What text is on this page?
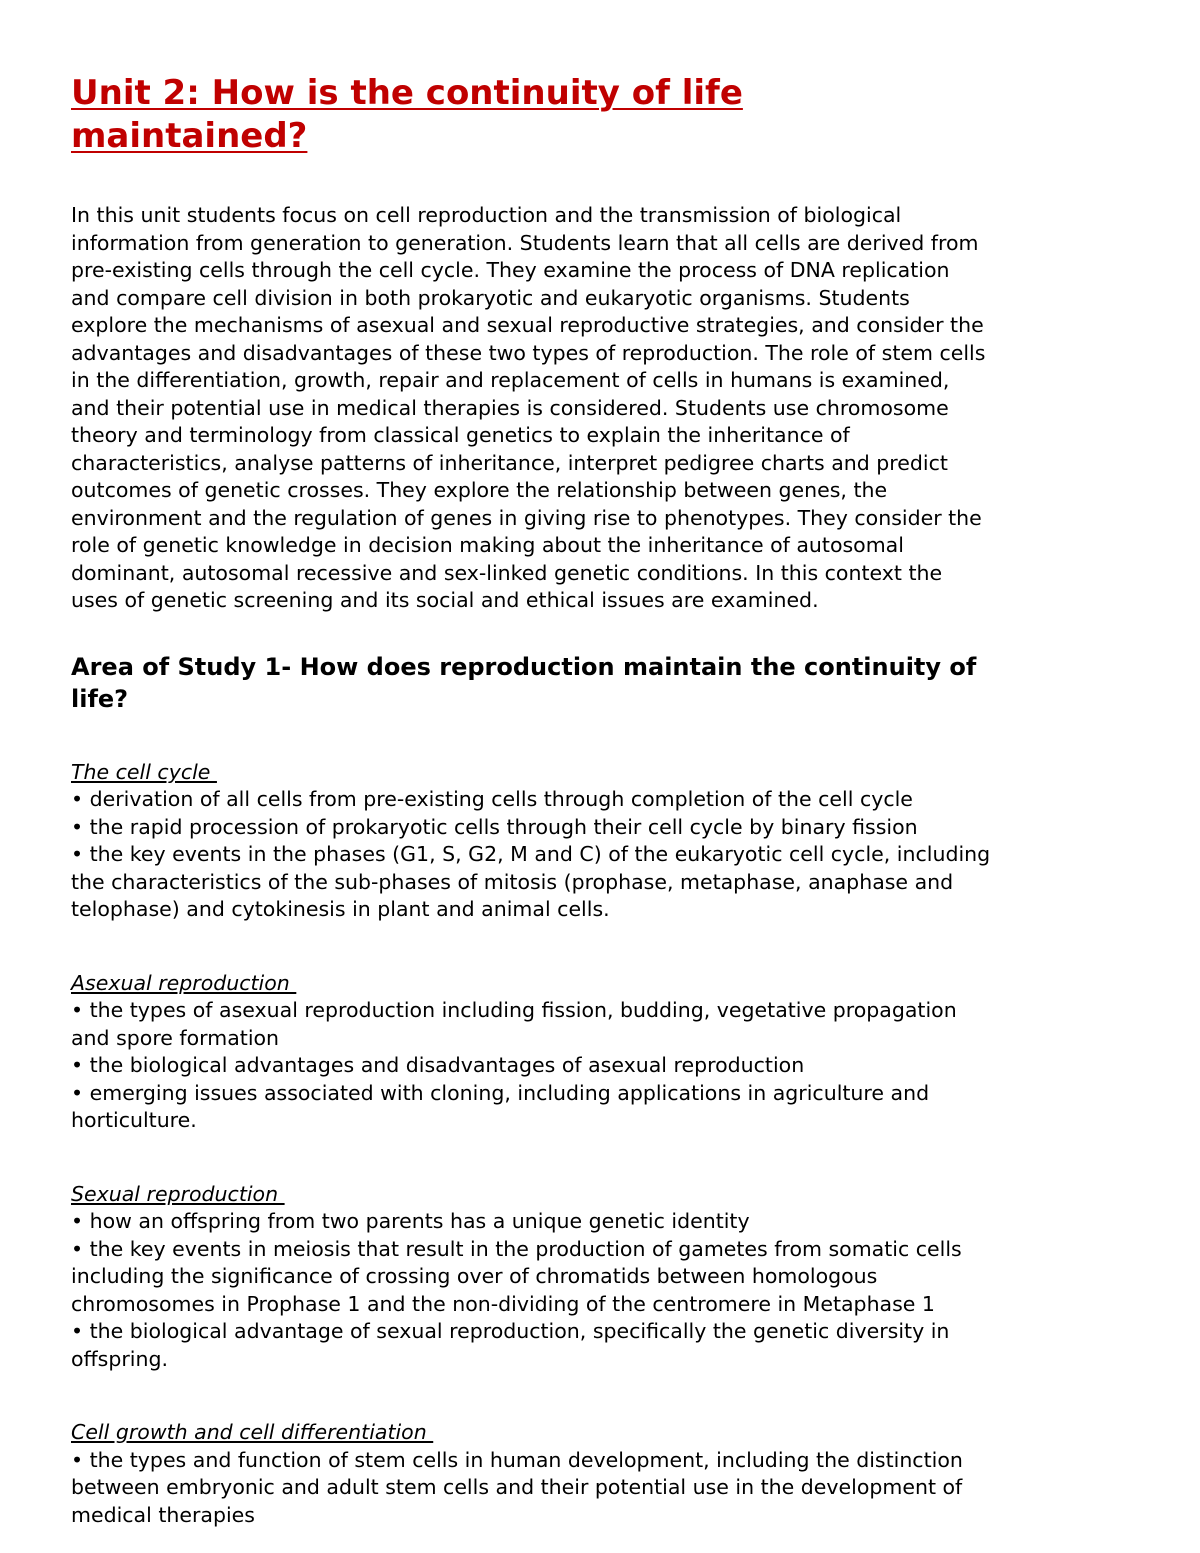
Unit 2: How is the continuity of life maintained?

In this unit students focus on cell reproduction and the transmission of biological
information from generation to generation. Students learn that all cells are derived from
pre-existing cells through the cell cycle. They examine the process of DNA replication
and compare cell division in both prokaryotic and eukaryotic organisms. Students
explore the mechanisms of asexual and sexual reproductive strategies, and consider the
advantages and disadvantages of these two types of reproduction. The role of stem cells
in the differentiation, growth, repair and replacement of cells in humans is examined,
and their potential use in medical therapies is considered. Students use chromosome
theory and terminology from classical genetics to explain the inheritance of
characteristics, analyse patterns of inheritance, interpret pedigree charts and predict
outcomes of genetic crosses. They explore the relationship between genes, the
environment and the regulation of genes in giving rise to phenotypes. They consider the
role of genetic knowledge in decision making about the inheritance of autosomal
dominant, autosomal recessive and sex-linked genetic conditions. In this context the
uses of genetic screening and its social and ethical issues are examined.

Area of Study 1- How does reproduction maintain the continuity of
life?
The cell cycle
• derivation of all cells from pre-existing cells through completion of the cell cycle
• the rapid procession of prokaryotic cells through their cell cycle by binary fission
• the key events in the phases (G1, S, G2, M and C) of the eukaryotic cell cycle, including
the characteristics of the sub-phases of mitosis (prophase, metaphase, anaphase and
telophase) and cytokinesis in plant and animal cells.
Asexual reproduction
• the types of asexual reproduction including fission, budding, vegetative propagation
and spore formation
• the biological advantages and disadvantages of asexual reproduction
• emerging issues associated with cloning, including applications in agriculture and
horticulture.
Sexual reproduction
• how an offspring from two parents has a unique genetic identity
• the key events in meiosis that result in the production of gametes from somatic cells
including the significance of crossing over of chromatids between homologous
chromosomes in Prophase 1 and the non-dividing of the centromere in Metaphase 1
• the biological advantage of sexual reproduction, specifically the genetic diversity in
offspring.
Cell growth and cell differentiation
• the types and function of stem cells in human development, including the distinction
between embryonic and adult stem cells and their potential use in the development of
medical therapies
